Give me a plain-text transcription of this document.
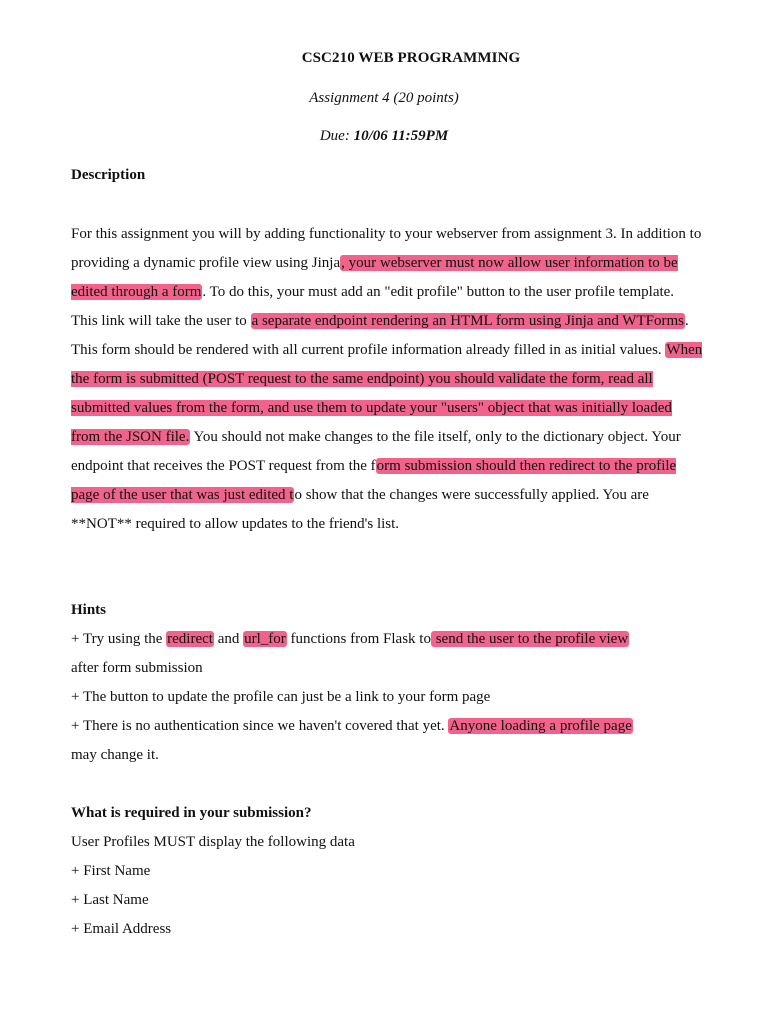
CSC210 WEB PROGRAMMING
Assignment 4 (20 points)
Due: 10/06 11:59PM
Description
For this assignment you will by adding functionality to your webserver from assignment 3. In addition to providing a dynamic profile view using Jinja, your webserver must now allow user information to be edited through a form. To do this, your must add an "edit profile" button to the user profile template. This link will take the user to a separate endpoint rendering an HTML form using Jinja and WTForms. This form should be rendered with all current profile information already filled in as initial values. When the form is submitted (POST request to the same endpoint) you should validate the form, read all submitted values from the form, and use them to update your "users" object that was initially loaded from the JSON file. You should not make changes to the file itself, only to the dictionary object. Your endpoint that receives the POST request from the form submission should then redirect to the profile page of the user that was just edited to show that the changes were successfully applied. You are **NOT** required to allow updates to the friend's list.
Hints
+ Try using the redirect and url_for functions from Flask to send the user to the profile view
after form submission
+ The button to update the profile can just be a link to your form page
+ There is no authentication since we haven't covered that yet. Anyone loading a profile page
may change it.
What is required in your submission?
User Profiles MUST display the following data
+ First Name
+ Last Name
+ Email Address
